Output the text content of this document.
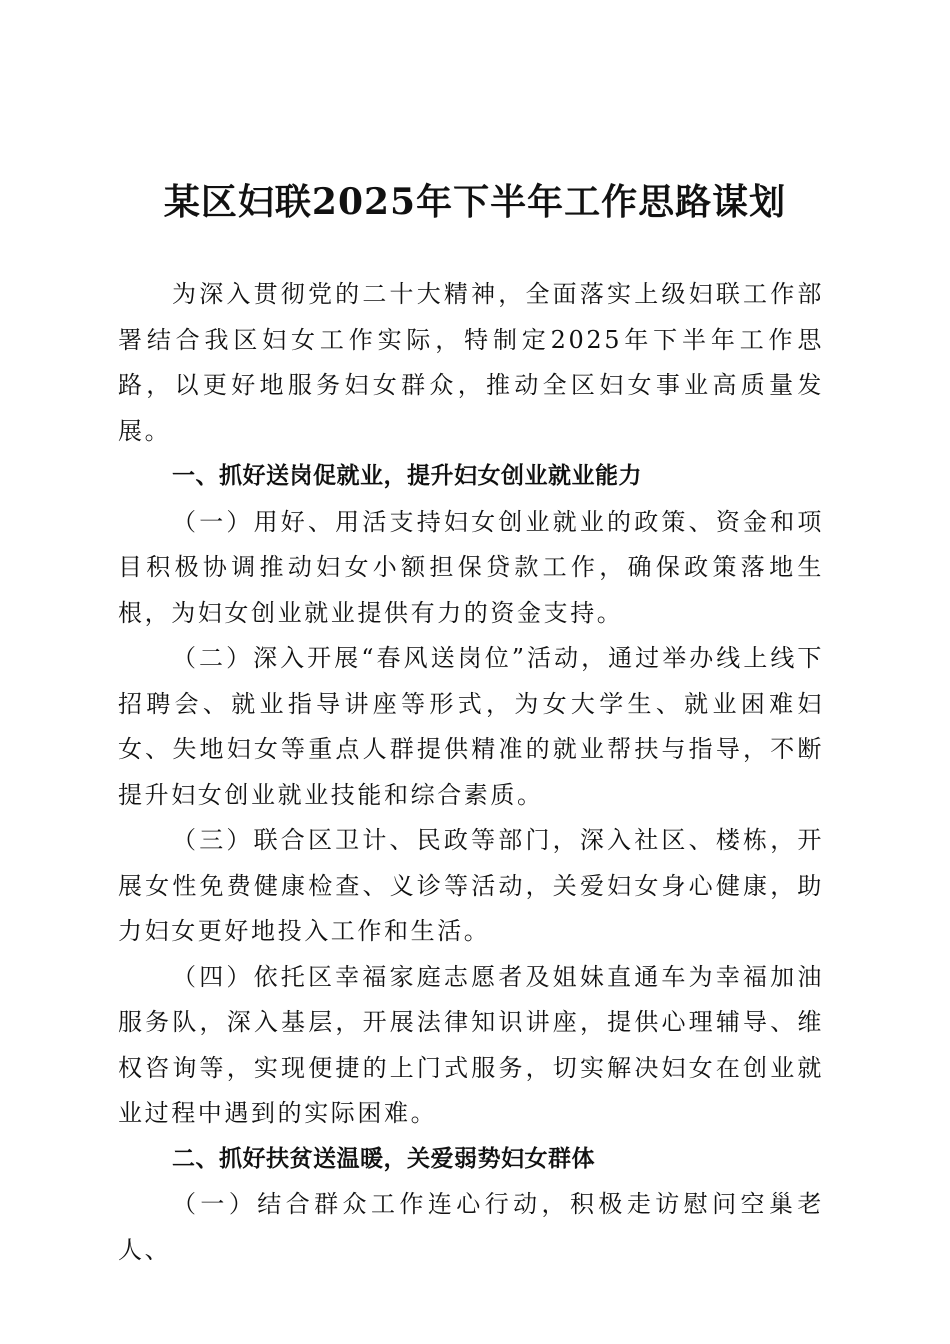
某区妇联2025年下半年工作思路谋划

为深入贯彻党的二十大精神，全面落实上级妇联工作部署结合我区妇女工作实际，特制定2025年下半年工作思路，以更好地服务妇女群众，推动全区妇女事业高质量发展。

一、抓好送岗促就业，提升妇女创业就业能力

（一）用好、用活支持妇女创业就业的政策、资金和项目积极协调推动妇女小额担保贷款工作，确保政策落地生根，为妇女创业就业提供有力的资金支持。

（二）深入开展“春风送岗位”活动，通过举办线上线下招聘会、就业指导讲座等形式，为女大学生、就业困难妇女、失地妇女等重点人群提供精准的就业帮扶与指导，不断提升妇女创业就业技能和综合素质。

（三）联合区卫计、民政等部门，深入社区、楼栋，开展女性免费健康检查、义诊等活动，关爱妇女身心健康，助力妇女更好地投入工作和生活。

（四）依托区幸福家庭志愿者及姐妹直通车为幸福加油服务队，深入基层，开展法律知识讲座，提供心理辅导、维权咨询等，实现便捷的上门式服务，切实解决妇女在创业就业过程中遇到的实际困难。

二、抓好扶贫送温暖，关爱弱势妇女群体

（一）结合群众工作连心行动，积极走访慰问空巢老人、
